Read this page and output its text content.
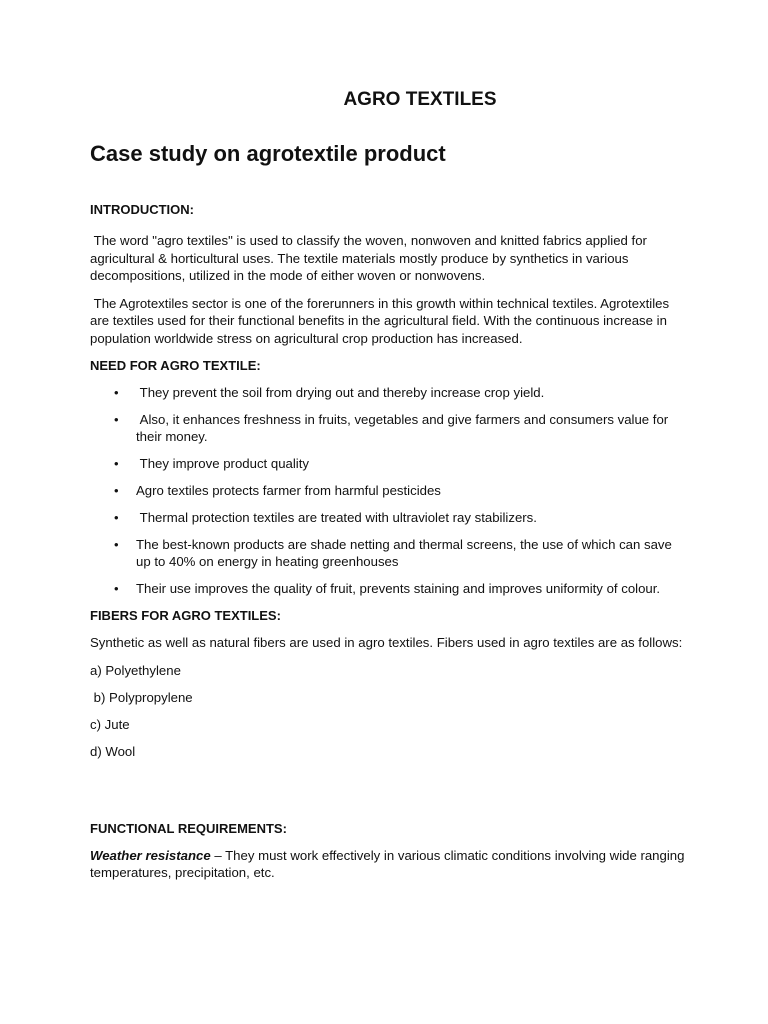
AGRO TEXTILES
Case study on agrotextile product
INTRODUCTION:

The word "agro textiles" is used to classify the woven, nonwoven and knitted fabrics applied for agricultural & horticultural uses. The textile materials mostly produce by synthetics in various decompositions, utilized in the mode of either woven or nonwovens.

The Agrotextiles sector is one of the forerunners in this growth within technical textiles. Agrotextiles are textiles used for their functional benefits in the agricultural field. With the continuous increase in population worldwide stress on agricultural crop production has increased.

NEED FOR AGRO TEXTILE:
• They prevent the soil from drying out and thereby increase crop yield.
• Also, it enhances freshness in fruits, vegetables and give farmers and consumers value for their money.
• They improve product quality
• Agro textiles protects farmer from harmful pesticides
• Thermal protection textiles are treated with ultraviolet ray stabilizers.
• The best-known products are shade netting and thermal screens, the use of which can save up to 40% on energy in heating greenhouses
• Their use improves the quality of fruit, prevents staining and improves uniformity of colour.
FIBERS FOR AGRO TEXTILES:

Synthetic as well as natural fibers are used in agro textiles. Fibers used in agro textiles are as follows:

a) Polyethylene
b) Polypropylene
c) Jute
d) Wool
FUNCTIONAL REQUIREMENTS:

Weather resistance – They must work effectively in various climatic conditions involving wide ranging temperatures, precipitation, etc.
